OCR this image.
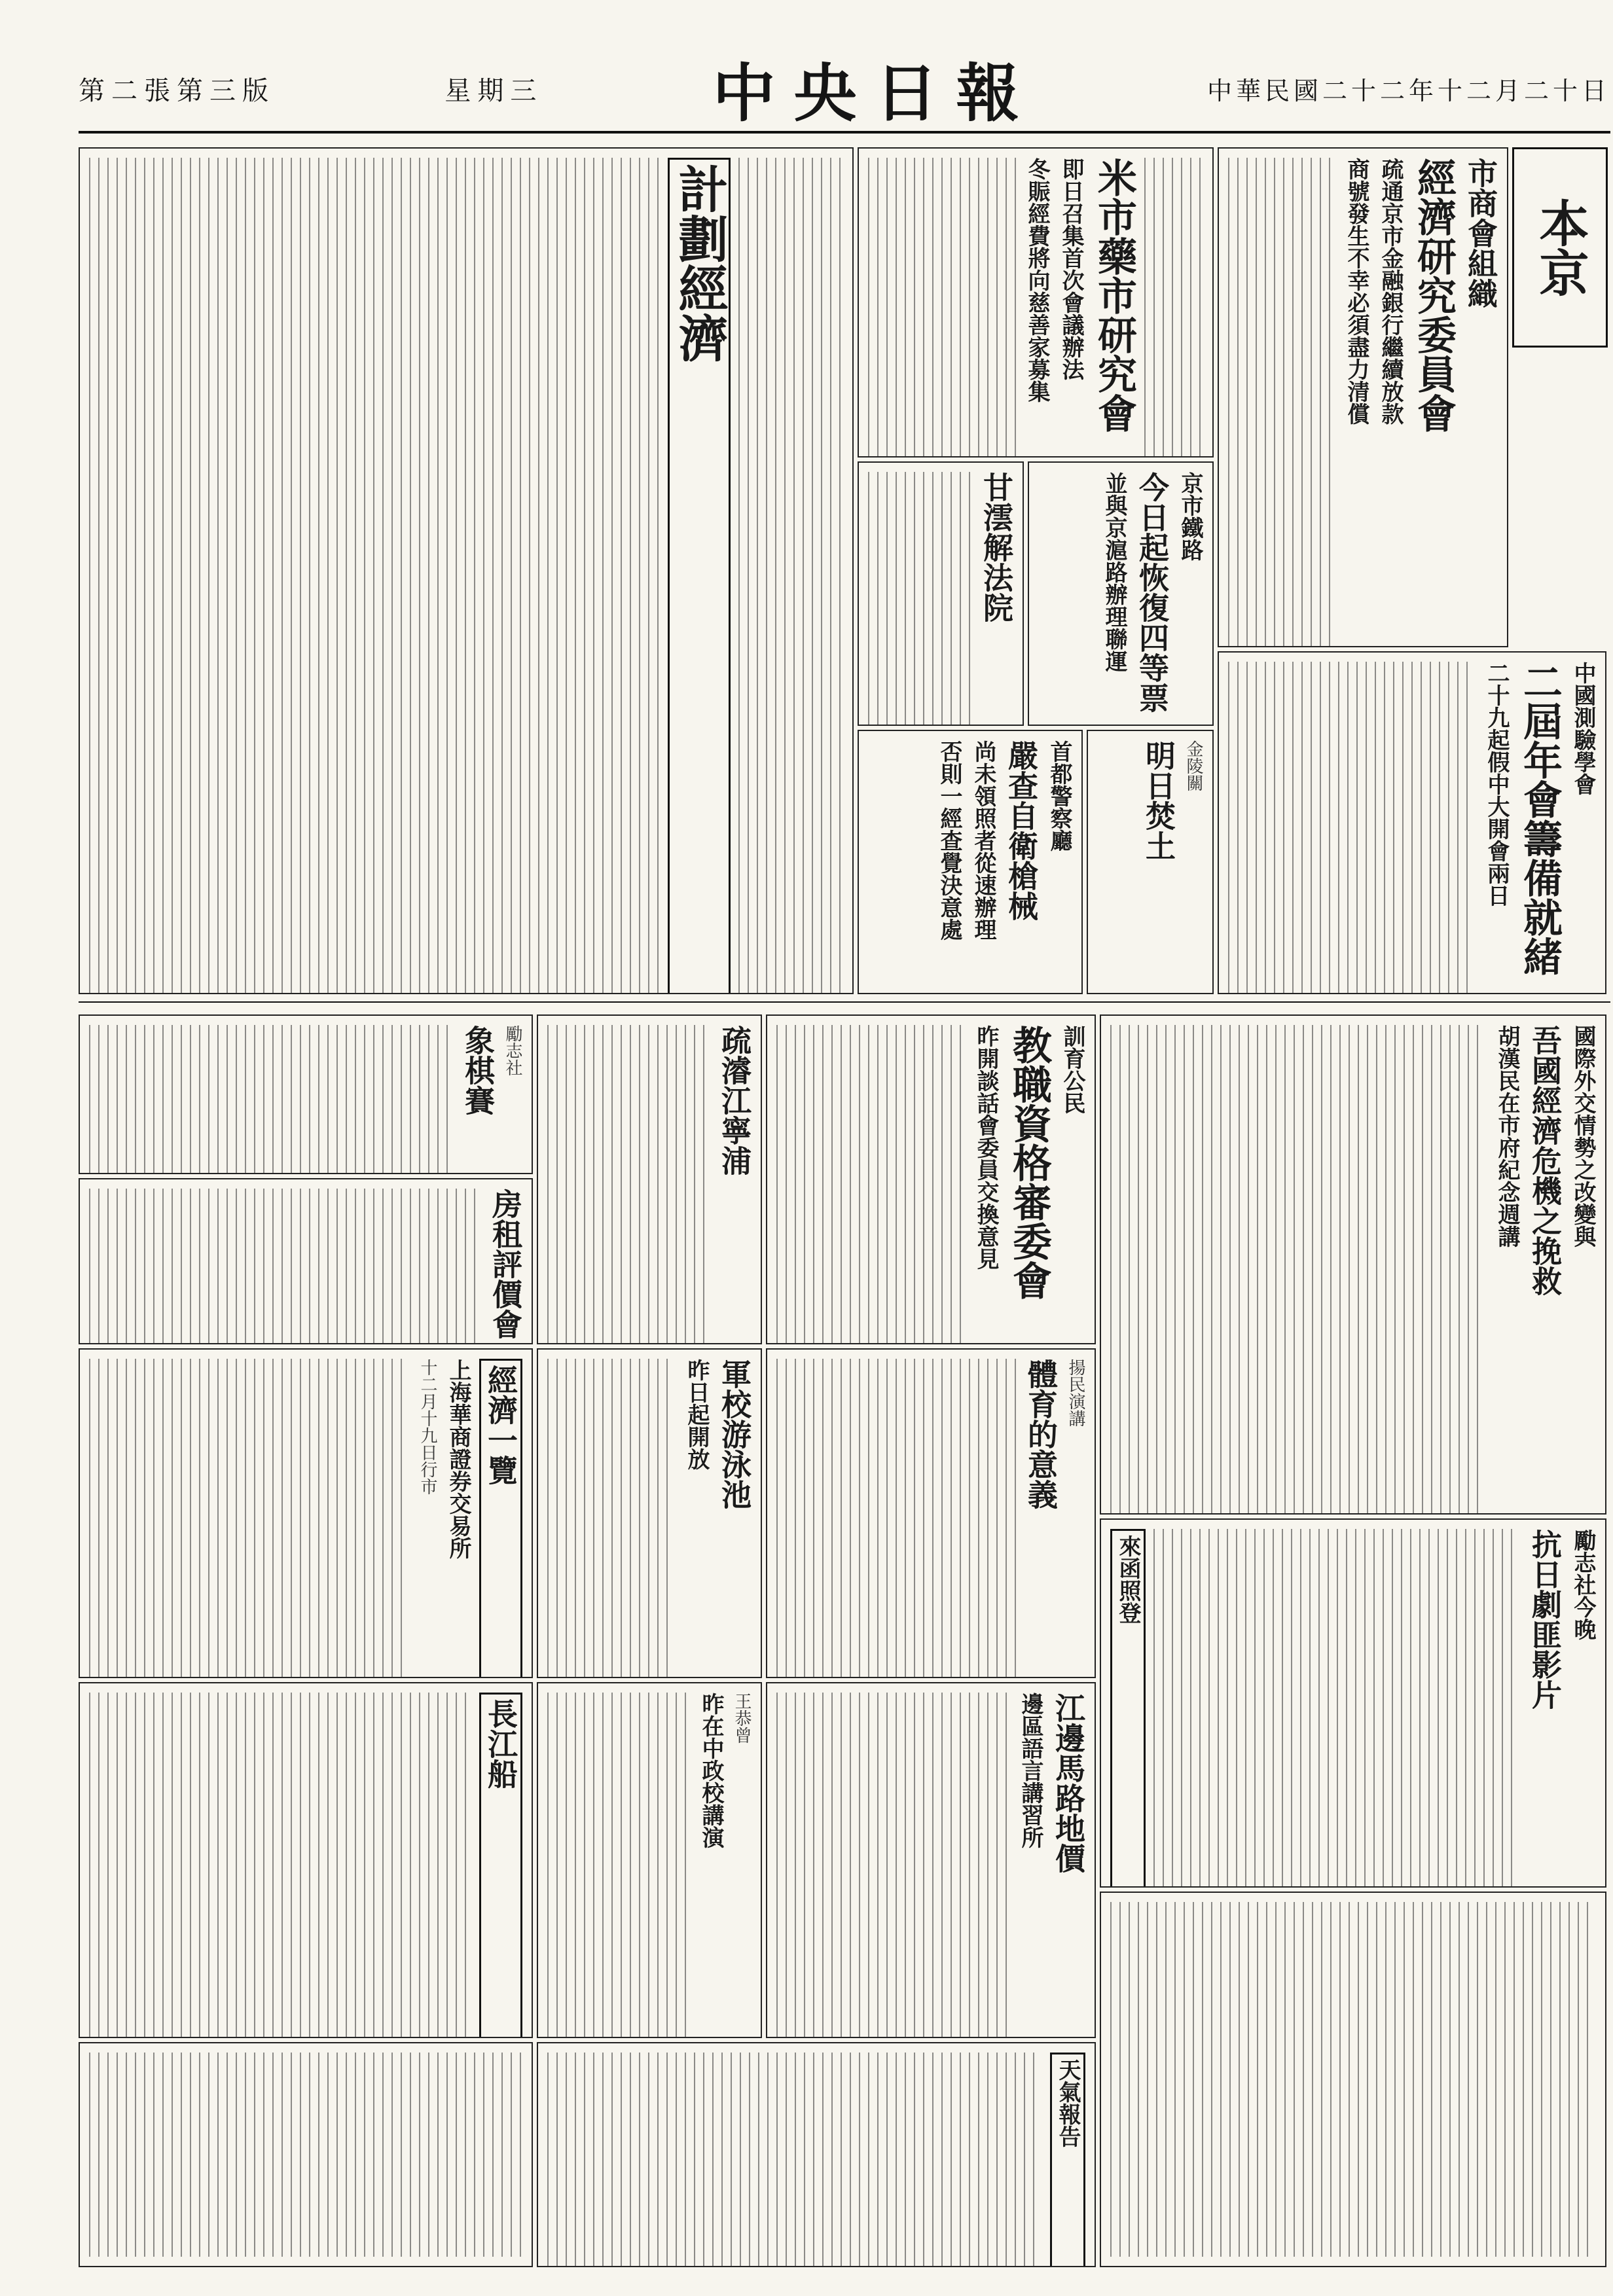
第二張第三版	星期三	中央日報	中華民國二十二年十二月二十日
本京
市商會組織
經濟研究委員會
疏通京市金融銀行繼續放款
商號發生不幸必須盡力清償
米市藥市研究會
即日召集首次會議辦法
冬賑經費將向慈善家募集
計劃經濟
中國測驗學會
二屆年會籌備就緒
二十九起假中大開會兩日
甘澐解法院	京市鐵路
今日起恢復四等票
並與京滬路辦理聯運
首都警察廳
嚴查自衛槍械
尚未領照者從速辦理
否則一經查覺決意處	金陵關
明日焚土
國際外交情勢之改變與
吾國經濟危機之挽救
胡漢民在市府紀念週講
訓育公民
教職資格審委會
昨開談話會委員交換意見
疏濬江寧浦
勵志社
象棋賽
房租評價會
揚民演講
體育的意義
軍校游泳池
昨日起開放
經濟一覽
上海華商證券交易所
十二月十九日行市
勵志社今晚
抗日劇匪影片
來函照登
江邊馬路地價
邊區語言講習所
王恭曾
昨在中政校講演
長江船
天氣報告
